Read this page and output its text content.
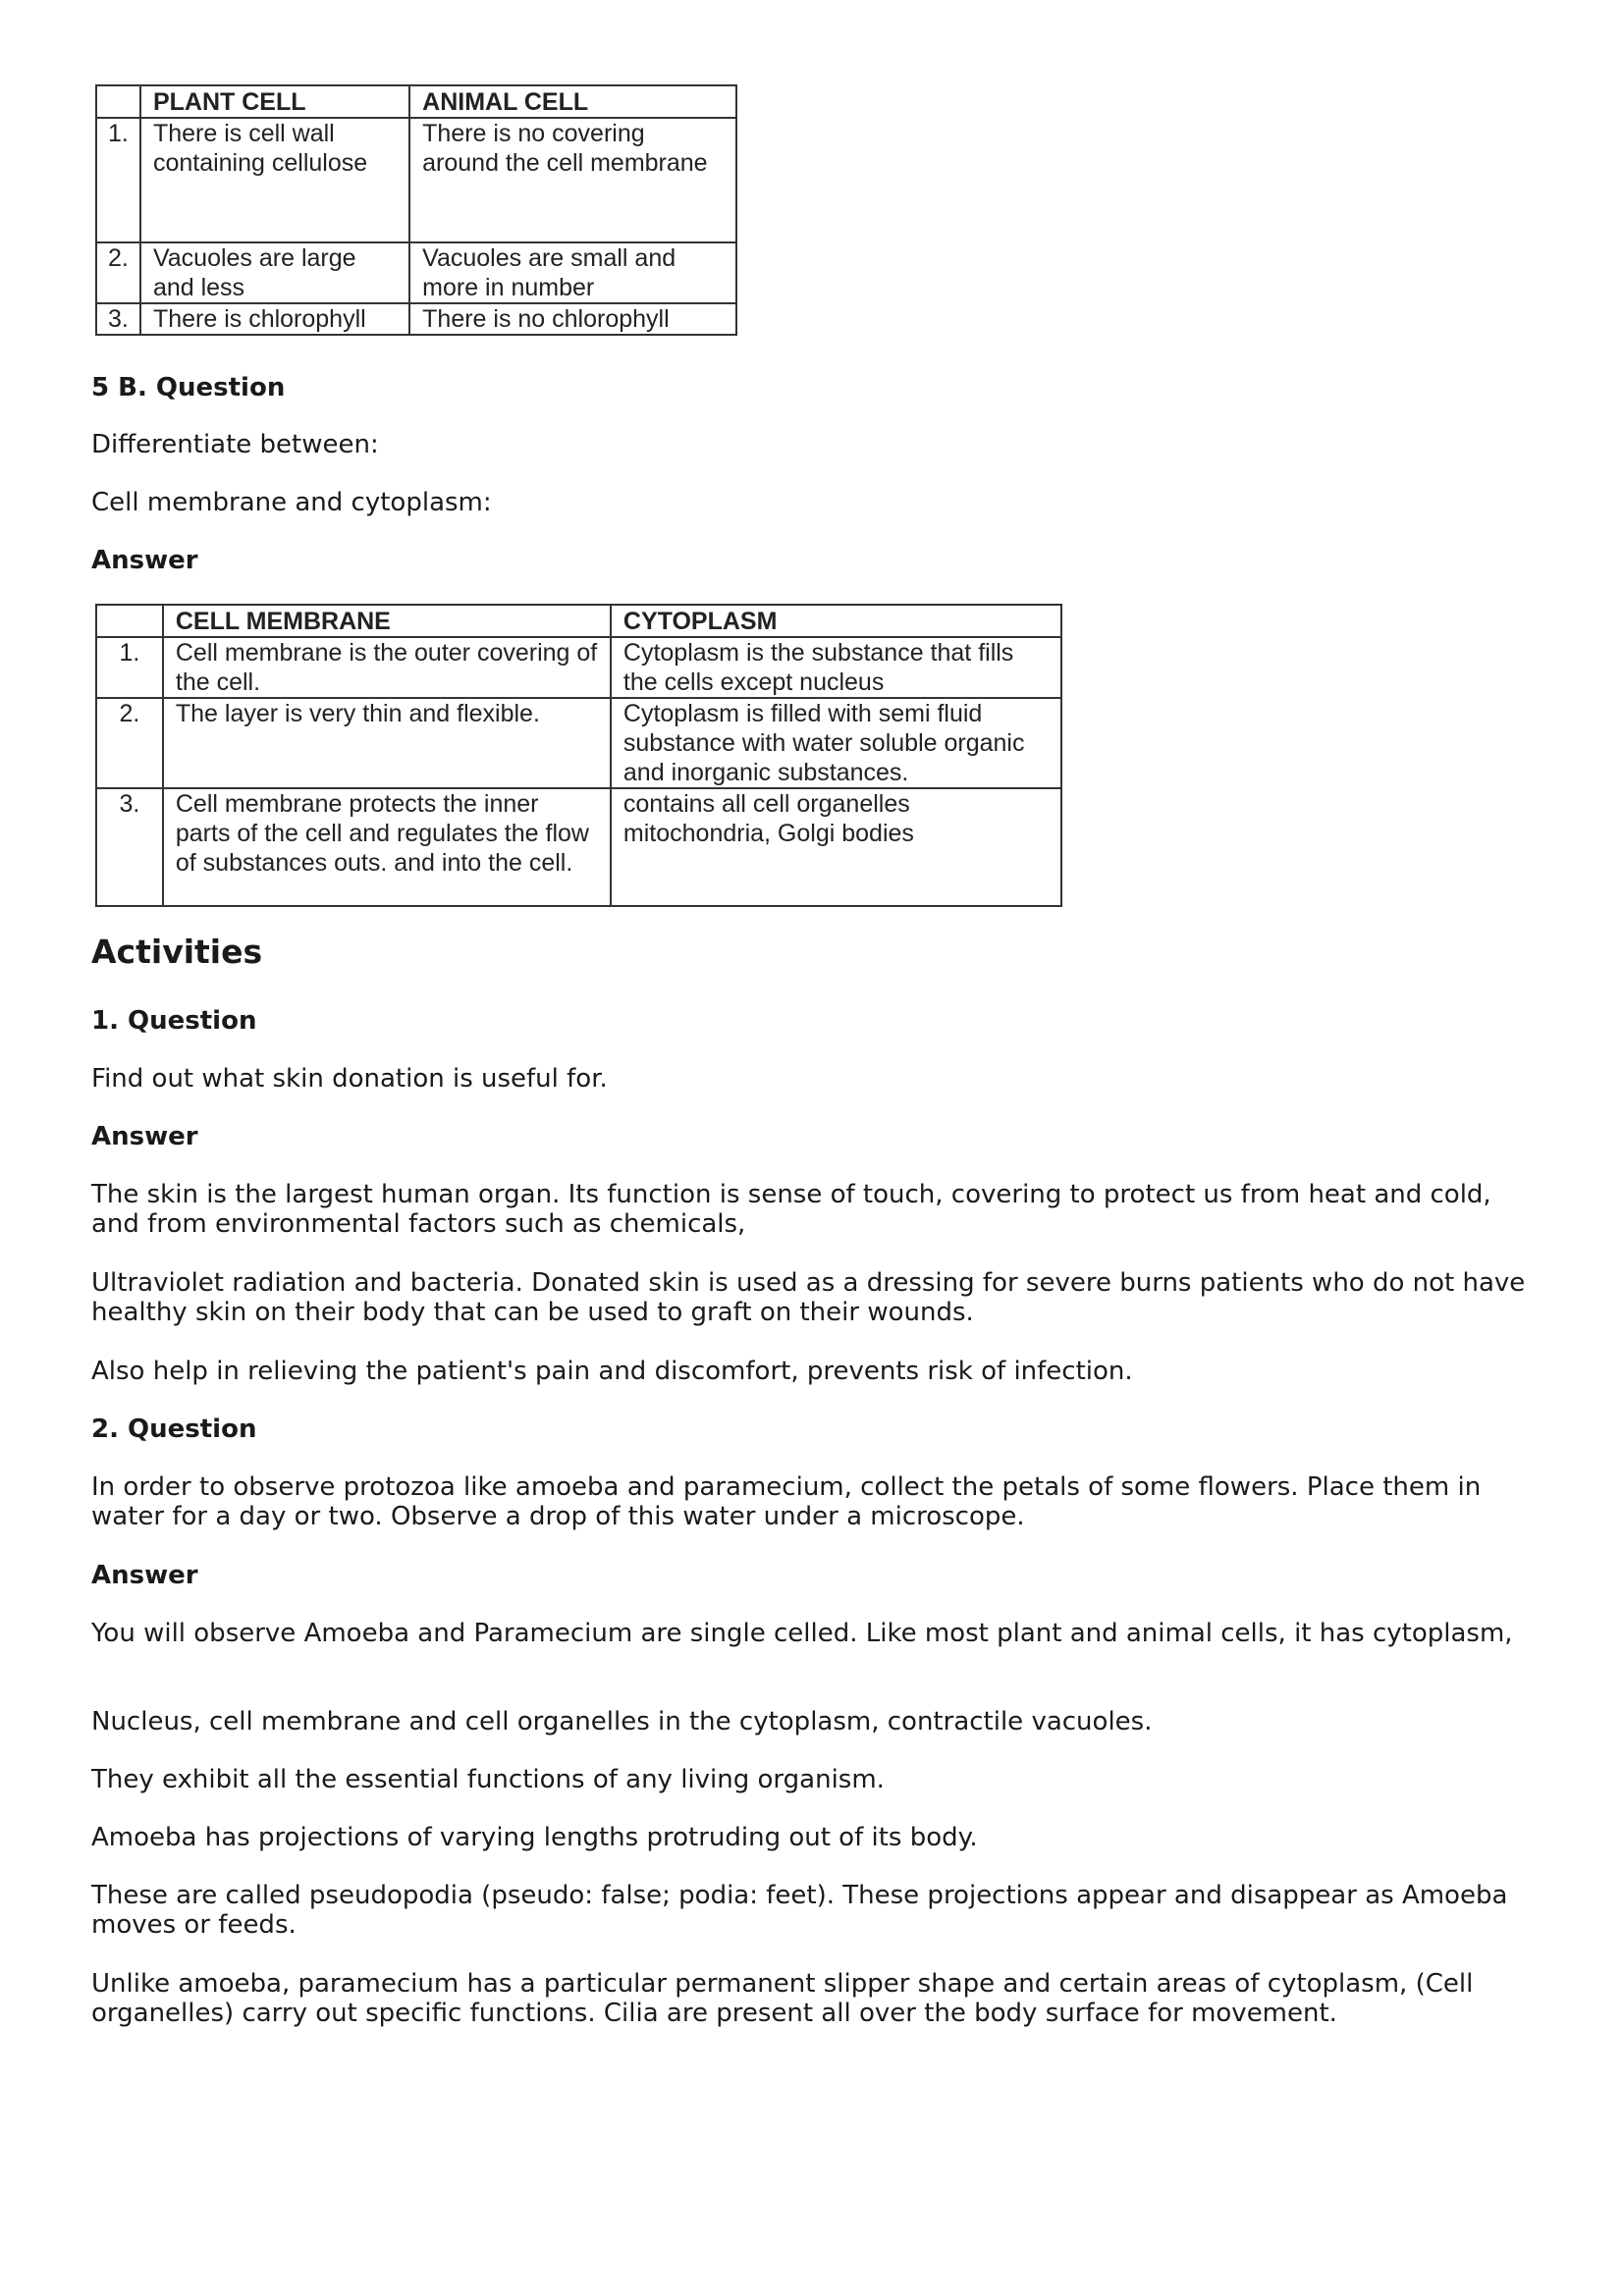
	PLANT CELL	ANIMAL CELL
1.	There is cell wall containing cellulose	There is no covering around the cell membrane
2.	Vacuoles are large and less	Vacuoles are small and more in number
3.	There is chlorophyll	There is no chlorophyll

5 B. Question

Differentiate between:

Cell membrane and cytoplasm:

Answer

	CELL MEMBRANE	CYTOPLASM
1.	Cell membrane is the outer covering of the cell.	Cytoplasm is the substance that fills the cells except nucleus
2.	The layer is very thin and flexible.	Cytoplasm is filled with semi fluid substance with water soluble organic and inorganic substances.
3.	Cell membrane protects the inner parts of the cell and regulates the flow of substances outs. and into the cell.	contains all cell organelles mitochondria, Golgi bodies

Activities

1. Question

Find out what skin donation is useful for.

Answer

The skin is the largest human organ. Its function is sense of touch, covering to protect us from heat and cold, and from environmental factors such as chemicals,

Ultraviolet radiation and bacteria. Donated skin is used as a dressing for severe burns patients who do not have healthy skin on their body that can be used to graft on their wounds.

Also help in relieving the patient's pain and discomfort, prevents risk of infection.

2. Question

In order to observe protozoa like amoeba and paramecium, collect the petals of some flowers. Place them in water for a day or two. Observe a drop of this water under a microscope.

Answer

You will observe Amoeba and Paramecium are single celled. Like most plant and animal cells, it has cytoplasm,

Nucleus, cell membrane and cell organelles in the cytoplasm, contractile vacuoles.

They exhibit all the essential functions of any living organism.

Amoeba has projections of varying lengths protruding out of its body.

These are called pseudopodia (pseudo: false; podia: feet). These projections appear and disappear as Amoeba moves or feeds.

Unlike amoeba, paramecium has a particular permanent slipper shape and certain areas of cytoplasm, (Cell organelles) carry out specific functions. Cilia are present all over the body surface for movement.
